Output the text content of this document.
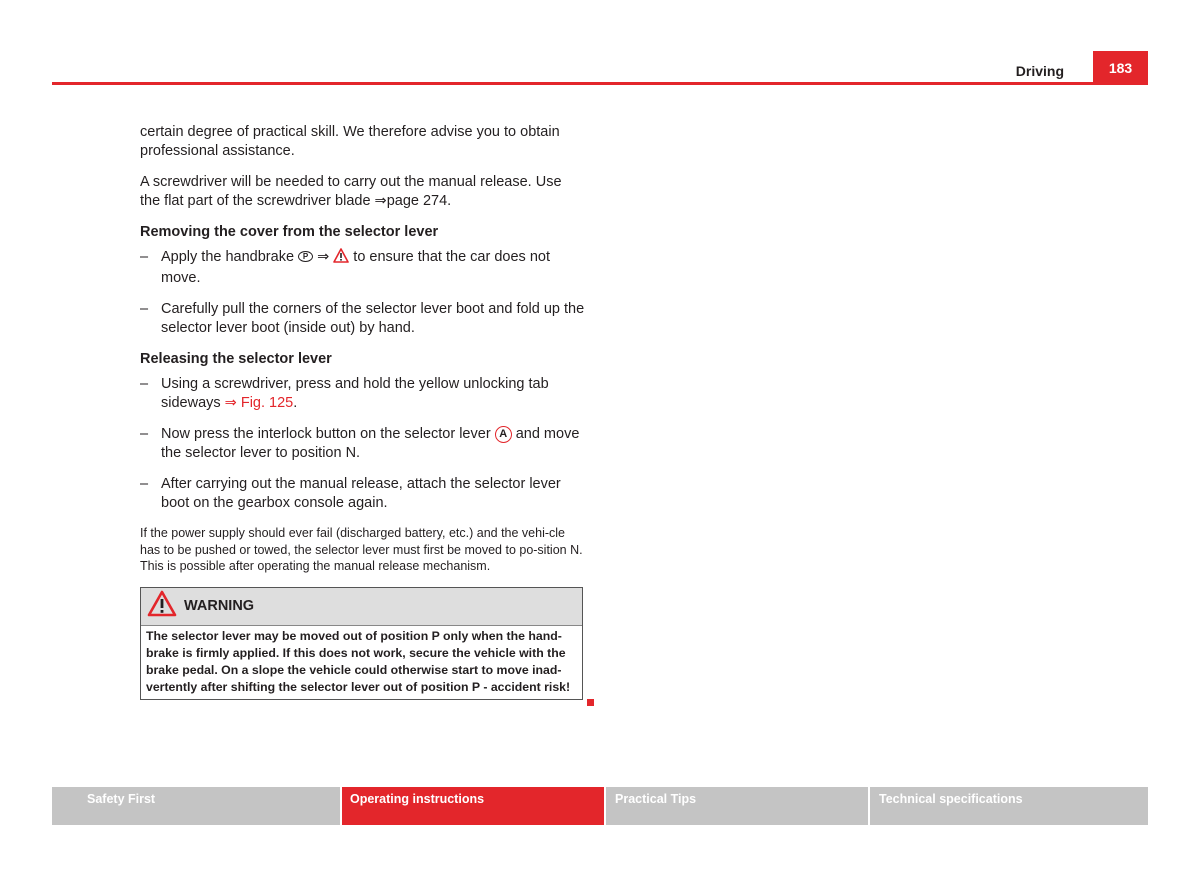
Driving	183

certain degree of practical skill. We therefore advise you to obtain professional assistance.

A screwdriver will be needed to carry out the manual release. Use the flat part of the screwdriver blade ⇒page 274.

Removing the cover from the selector lever
– Apply the handbrake P ⇒  to ensure that the car does not move.
– Carefully pull the corners of the selector lever boot and fold up the selector lever boot (inside out) by hand.
Releasing the selector lever
– Using a screwdriver, press and hold the yellow unlocking tab sideways ⇒ Fig. 125.
– Now press the interlock button on the selector lever A and move the selector lever to position N.
– After carrying out the manual release, attach the selector lever boot on the gearbox console again.

If the power supply should ever fail (discharged battery, etc.) and the vehi-cle has to be pushed or towed, the selector lever must first be moved to po-sition N. This is possible after operating the manual release mechanism.

WARNING
The selector lever may be moved out of position P only when the hand-brake is firmly applied. If this does not work, secure the vehicle with the brake pedal. On a slope the vehicle could otherwise start to move inad-vertently after shifting the selector lever out of position P - accident risk!
Safety First	Operating instructions	Practical Tips	Technical specifications
